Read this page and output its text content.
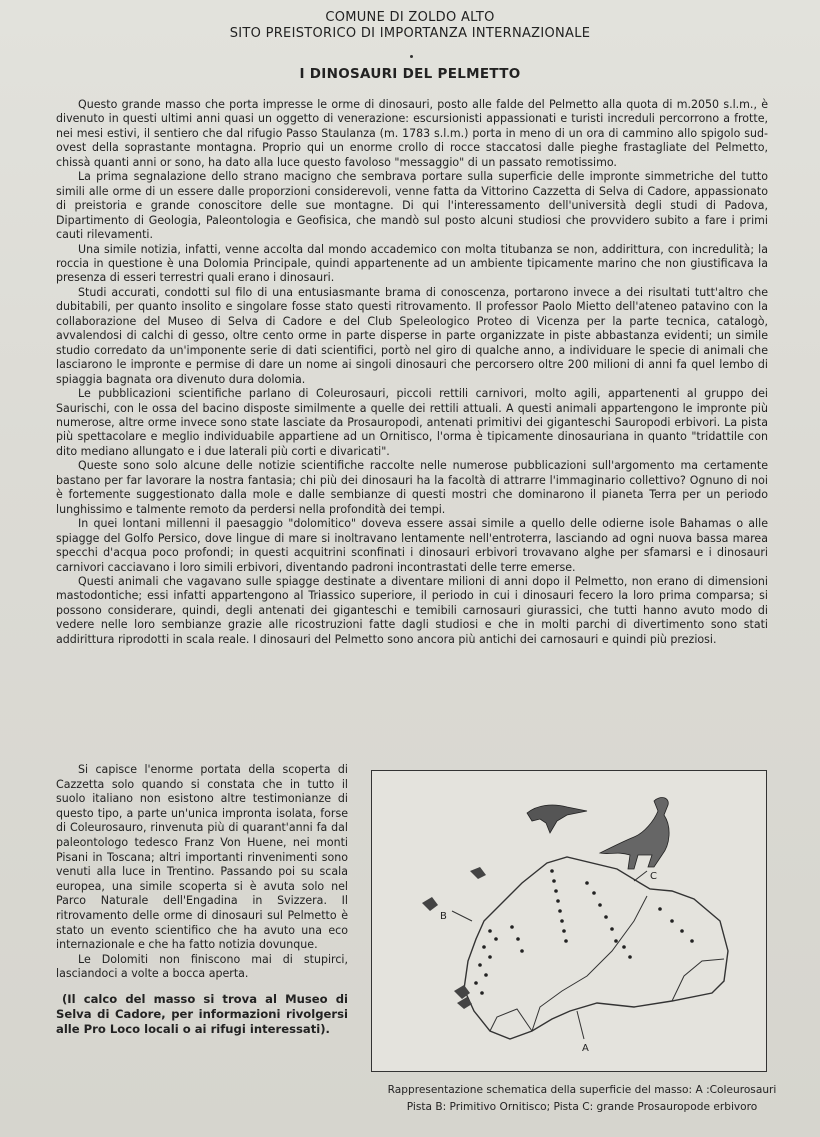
COMUNE DI ZOLDO ALTO
SITO PREISTORICO DI IMPORTANZA INTERNAZIONALE
I DINOSAURI DEL PELMETTO

Questo grande masso che porta impresse le orme di dinosauri, posto alle falde del Pelmetto alla quota di m.2050 s.l.m., è divenuto in questi ultimi anni quasi un oggetto di venerazione: escursionisti appassionati e turisti increduli percorrono a frotte, nei mesi estivi, il sentiero che dal rifugio Passo Staulanza (m. 1783 s.l.m.) porta in meno di un ora di cammino allo spigolo sud-ovest della soprastante montagna. Proprio qui un enorme crollo di rocce staccatosi dalle pieghe frastagliate del Pelmetto, chissà quanti anni or sono, ha dato alla luce questo favoloso "messaggio" di un passato remotissimo.

La prima segnalazione dello strano macigno che sembrava portare sulla superficie delle impronte simmetriche del tutto simili alle orme di un essere dalle proporzioni considerevoli, venne fatta da Vittorino Cazzetta di Selva di Cadore, appassionato di preistoria e grande conoscitore delle sue montagne. Di qui l'interessamento dell'università degli studi di Padova, Dipartimento di Geologia, Paleontologia e Geofisica, che mandò sul posto alcuni studiosi che provvidero subito a fare i primi cauti rilevamenti.

Una simile notizia, infatti, venne accolta dal mondo accademico con molta titubanza se non, addirittura, con incredulità; la roccia in questione è una Dolomia Principale, quindi appartenente ad un ambiente tipicamente marino che non giustificava la presenza di esseri terrestri quali erano i dinosauri.

Studi accurati, condotti sul filo di una entusiasmante brama di conoscenza, portarono invece a dei risultati tutt'altro che dubitabili, per quanto insolito e singolare fosse stato questi ritrovamento. Il professor Paolo Mietto dell'ateneo patavino con la collaborazione del Museo di Selva di Cadore e del Club Speleologico Proteo di Vicenza per la parte tecnica, catalogò, avvalendosi di calchi di gesso, oltre cento orme in parte disperse in parte organizzate in piste abbastanza evidenti; un simile studio corredato da un'imponente serie di dati scientifici, portò nel giro di qualche anno, a individuare le specie di animali che lasciarono le impronte e permise di dare un nome ai singoli dinosauri che percorsero oltre 200 milioni di anni fa quel lembo di spiaggia bagnata ora divenuto dura dolomia.

Le pubblicazioni scientifiche parlano di Coleurosauri, piccoli rettili carnivori, molto agili, appartenenti al gruppo dei Saurischi, con le ossa del bacino disposte similmente a quelle dei rettili attuali. A questi animali appartengono le impronte più numerose, altre orme invece sono state lasciate da Prosauropodi, antenati primitivi dei giganteschi Sauropodi erbivori. La pista più spettacolare e meglio individuabile appartiene ad un Ornitisco, l'orma è tipicamente dinosauriana in quanto "tridattile con dito mediano allungato e i due laterali più corti e divaricati".

Queste sono solo alcune delle notizie scientifiche raccolte nelle numerose pubblicazioni sull'argomento ma certamente bastano per far lavorare la nostra fantasia; chi più dei dinosauri ha la facoltà di attrarre l'immaginario collettivo? Ognuno di noi è fortemente suggestionato dalla mole e dalle sembianze di questi mostri che dominarono il pianeta Terra per un periodo lunghissimo e talmente remoto da perdersi nella profondità dei tempi.

In quei lontani millenni il paesaggio "dolomitico" doveva essere assai simile a quello delle odierne isole Bahamas o alle spiagge del Golfo Persico, dove lingue di mare si inoltravano lentamente nell'entroterra, lasciando ad ogni nuova bassa marea specchi d'acqua poco profondi; in questi acquitrini sconfinati i dinosauri erbivori trovavano alghe per sfamarsi e i dinosauri carnivori cacciavano i loro simili erbivori, diventando padroni incontrastati delle terre emerse.

Questi animali che vagavano sulle spiagge destinate a diventare milioni di anni dopo il Pelmetto, non erano di dimensioni mastodontiche; essi infatti appartengono al Triassico superiore, il periodo in cui i dinosauri fecero la loro prima comparsa; si possono considerare, quindi, degli antenati dei giganteschi e temibili carnosauri giurassici, che tutti hanno avuto modo di vedere nelle loro sembianze grazie alle ricostruzioni fatte dagli studiosi e che in molti parchi di divertimento sono stati addirittura riprodotti in scala reale. I dinosauri del Pelmetto sono ancora più antichi dei carnosauri e quindi più preziosi.

Si capisce l'enorme portata della scoperta di Cazzetta solo quando si constata che in tutto il suolo italiano non esistono altre testimonianze di questo tipo, a parte un'unica impronta isolata, forse di Coleurosauro, rinvenuta più di quarant'anni fa dal paleontologo tedesco Franz Von Huene, nei monti Pisani in Toscana; altri importanti rinvenimenti sono venuti alla luce in Trentino. Passando poi su scala europea, una simile scoperta si è avuta solo nel Parco Naturale dell'Engadina in Svizzera. Il ritrovamento delle orme di dinosauri sul Pelmetto è stato un evento scientifico che ha avuto una eco internazionale e che ha fatto notizia dovunque.

Le Dolomiti non finiscono mai di stupirci, lasciandoci a volte a bocca aperta.

(Il calco del masso si trova al Museo di Selva di Cadore, per informazioni rivolgersi alle Pro Loco locali o ai rifugi interessati).

A
B
C
Rappresentazione schematica della superficie del masso: A :Coleurosauri
Pista B: Primitivo Ornitisco; Pista C: grande Prosauropode erbivoro
